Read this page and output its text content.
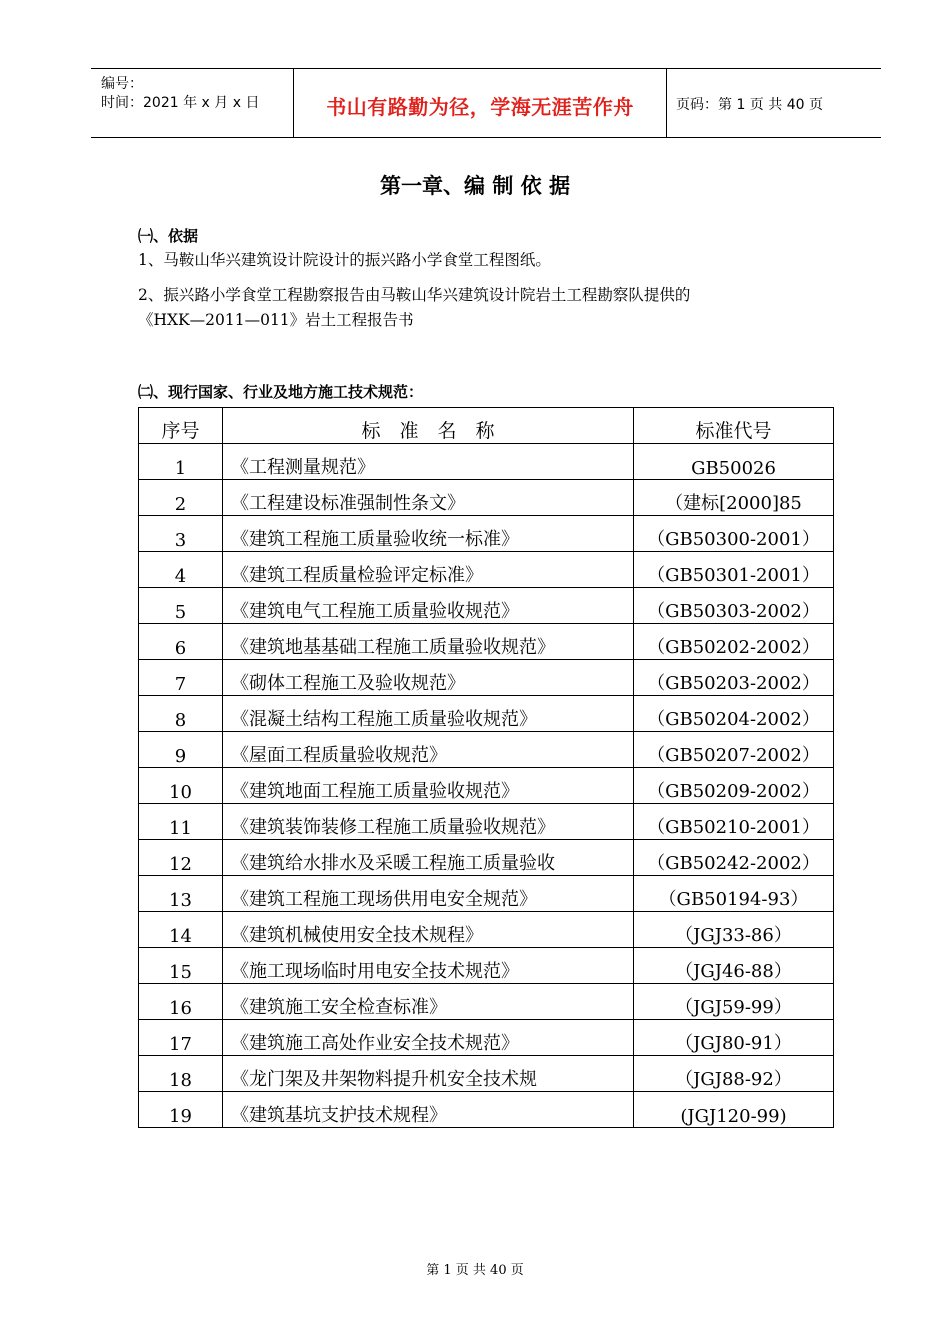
编号：
时间：2021 年 x 月 x 日	书山有路勤为径，学海无涯苦作舟	页码：第 1 页 共 40 页
第一章、编 制 依 据
㈠、依据
1、马鞍山华兴建筑设计院设计的振兴路小学食堂工程图纸。
2、振兴路小学食堂工程勘察报告由马鞍山华兴建筑设计院岩土工程勘察队提供的
《HXK—2011—011》岩土工程报告书
㈡、现行国家、行业及地方施工技术规范：
序号	标　准　名　称	标准代号
1	《工程测量规范》	GB50026
2	《工程建设标准强制性条文》	（建标[2000]85
3	《建筑工程施工质量验收统一标准》	（GB50300-2001）
4	《建筑工程质量检验评定标准》	（GB50301-2001）
5	《建筑电气工程施工质量验收规范》	（GB50303-2002）
6	《建筑地基基础工程施工质量验收规范》	（GB50202-2002）
7	《砌体工程施工及验收规范》	（GB50203-2002）
8	《混凝土结构工程施工质量验收规范》	（GB50204-2002）
9	《屋面工程质量验收规范》	（GB50207-2002）
10	《建筑地面工程施工质量验收规范》	（GB50209-2002）
11	《建筑装饰装修工程施工质量验收规范》	（GB50210-2001）
12	《建筑给水排水及采暖工程施工质量验收	（GB50242-2002）
13	《建筑工程施工现场供用电安全规范》	（GB50194-93）
14	《建筑机械使用安全技术规程》	（JGJ33-86）
15	《施工现场临时用电安全技术规范》	（JGJ46-88）
16	《建筑施工安全检查标准》	（JGJ59-99）
17	《建筑施工高处作业安全技术规范》	（JGJ80-91）
18	《龙门架及井架物料提升机安全技术规	（JGJ88-92）
19	《建筑基坑支护技术规程》	(JGJ120-99)
第 1 页 共 40 页
